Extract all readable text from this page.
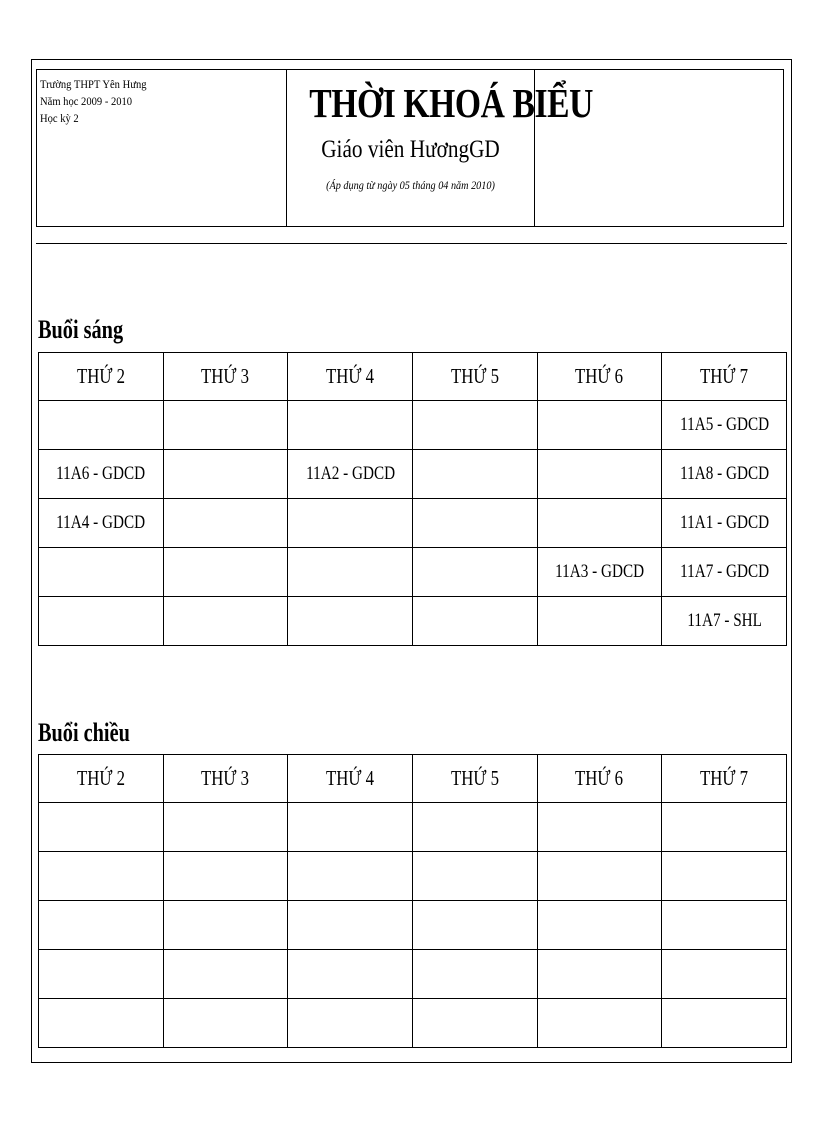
Trường THPT Yên Hưng
Năm học 2009 - 2010
Học kỳ 2	THỜI KHOÁ BIỂU
Giáo viên HươngGD
(Áp dụng từ ngày 05 tháng 04 năm 2010)
Buổi sáng
THỨ 2	THỨ 3	THỨ 4	THỨ 5	THỨ 6	THỨ 7
					11A5 - GDCD
11A6 - GDCD		11A2 - GDCD			11A8 - GDCD
11A4 - GDCD					11A1 - GDCD
				11A3 - GDCD	11A7 - GDCD
					11A7 - SHL
Buổi chiều
THỨ 2	THỨ 3	THỨ 4	THỨ 5	THỨ 6	THỨ 7
